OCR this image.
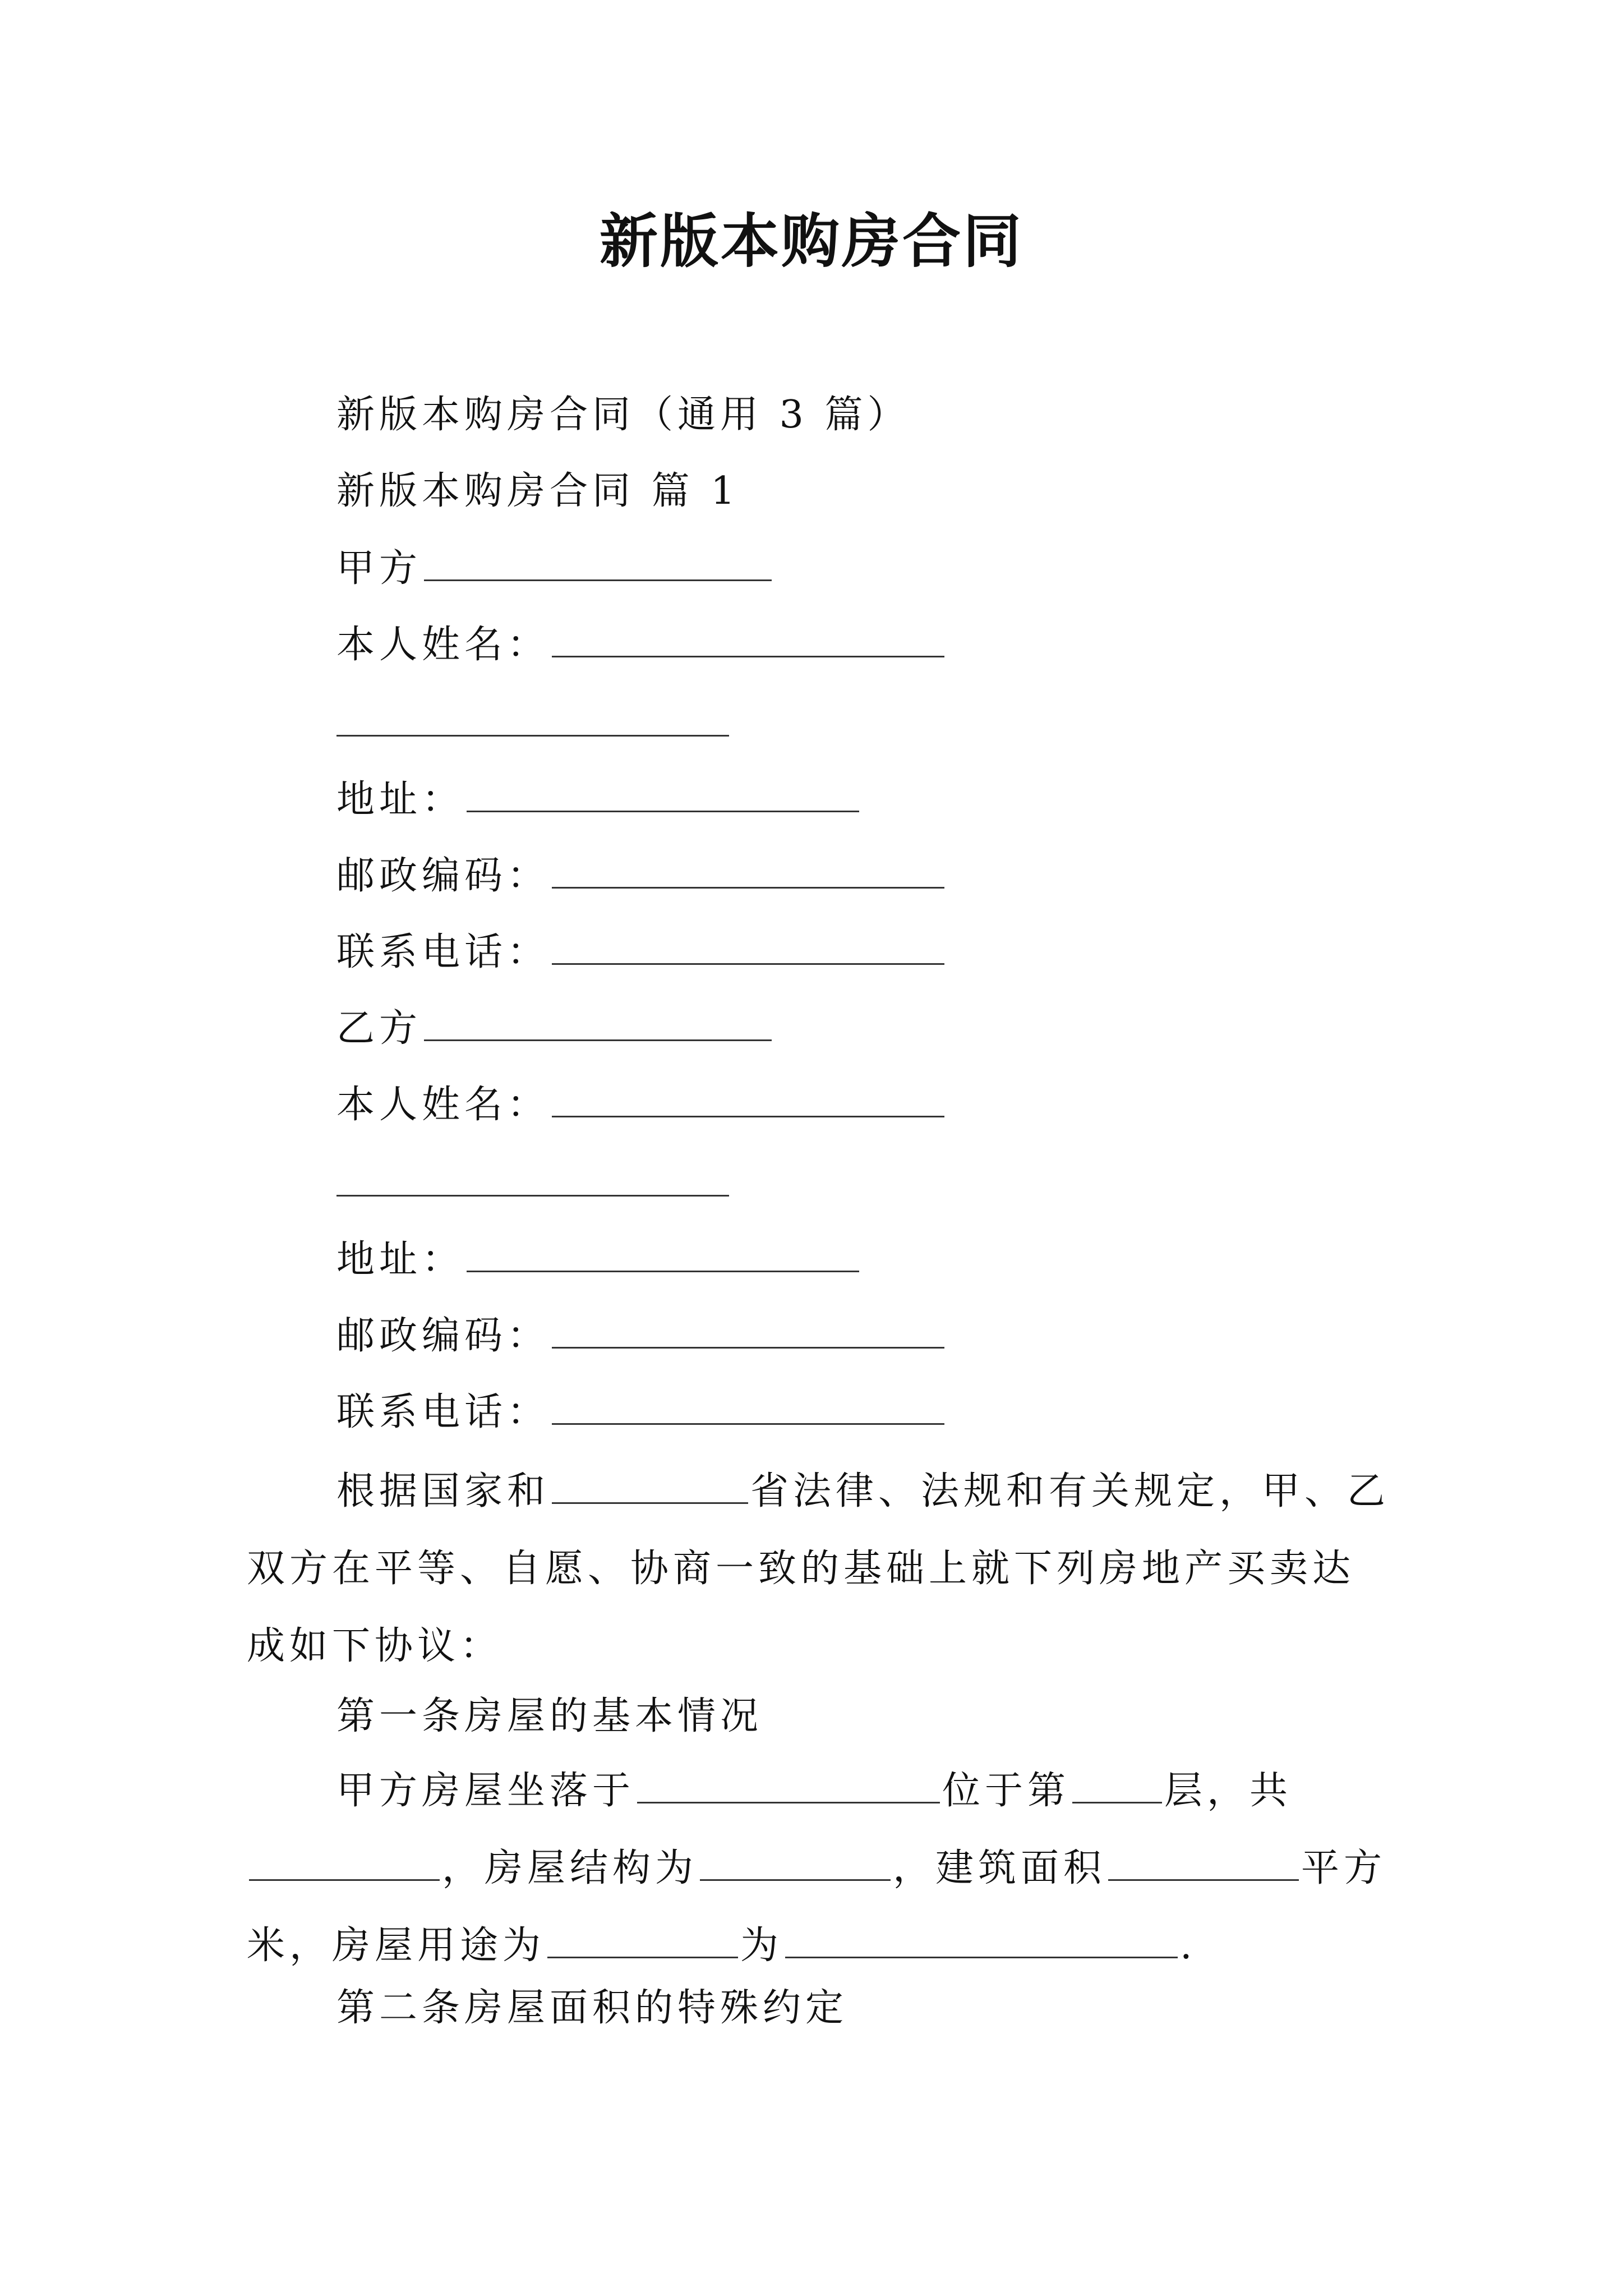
新版本购房合同
新版本购房合同（通用 3 篇）
新版本购房合同 篇 1
甲方
本人姓名：
地址：
邮政编码：
联系电话：
乙方
本人姓名：
地址：
邮政编码：
联系电话：
根据国家和	省法律、法规和有关规定，甲、乙双方在平等、自愿、协商一致的基础上就下列房地产买卖达成如下协议：
第一条房屋的基本情况
甲方房屋坐落于	位于第 层，共，房屋结构为	，建筑面积	平方米，房屋用途为	为	.
第二条房屋面积的特殊约定
